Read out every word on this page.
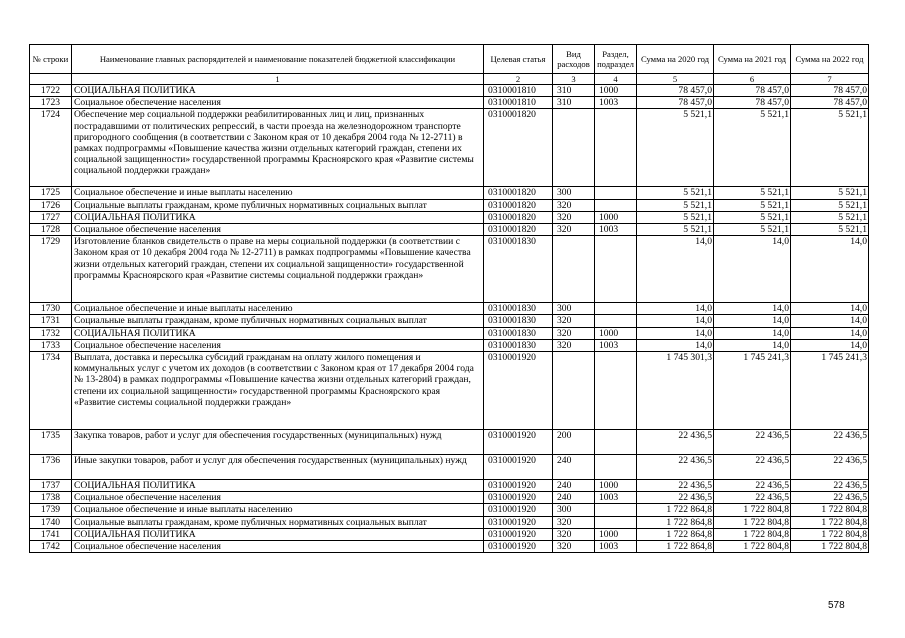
№ строки	Наименование главных распорядителей и наименование показателей бюджетной классификации	Целевая статья	Вид расходов	Раздел, подраздел	Сумма на 2020 год	Сумма на 2021 год	Сумма на 2022 год
	1	2	3	4	5	6	7
1722	СОЦИАЛЬНАЯ ПОЛИТИКА	0310001810	310	1000	78 457,0	78 457,0	78 457,0
1723	Социальное обеспечение населения	0310001810	310	1003	78 457,0	78 457,0	78 457,0
1724	Обеспечение мер социальной поддержки реабилитированных лиц и лиц, признанных пострадавшими от политических репрессий, в части проезда на железнодорожном транспорте пригородного сообщения (в соответствии с Законом края от 10 декабря 2004 года № 12-2711) в рамках подпрограммы «Повышение качества жизни отдельных категорий граждан, степени их социальной защищенности» государственной программы Красноярского края «Развитие системы социальной поддержки граждан»	0310001820			5 521,1	5 521,1	5 521,1
1725	Социальное обеспечение и иные выплаты населению	0310001820	300		5 521,1	5 521,1	5 521,1
1726	Социальные выплаты гражданам, кроме публичных нормативных социальных выплат	0310001820	320		5 521,1	5 521,1	5 521,1
1727	СОЦИАЛЬНАЯ ПОЛИТИКА	0310001820	320	1000	5 521,1	5 521,1	5 521,1
1728	Социальное обеспечение населения	0310001820	320	1003	5 521,1	5 521,1	5 521,1
1729	Изготовление бланков свидетельств о праве на меры социальной поддержки (в соответствии с Законом края от 10 декабря 2004 года № 12-2711) в рамках подпрограммы «Повышение качества жизни отдельных категорий граждан, степени их социальной защищенности» государственной программы Красноярского края «Развитие системы социальной поддержки граждан»	0310001830			14,0	14,0	14,0
1730	Социальное обеспечение и иные выплаты населению	0310001830	300		14,0	14,0	14,0
1731	Социальные выплаты гражданам, кроме публичных нормативных социальных выплат	0310001830	320		14,0	14,0	14,0
1732	СОЦИАЛЬНАЯ ПОЛИТИКА	0310001830	320	1000	14,0	14,0	14,0
1733	Социальное обеспечение населения	0310001830	320	1003	14,0	14,0	14,0
1734	Выплата, доставка и пересылка субсидий гражданам на оплату жилого помещения и коммунальных услуг с учетом их доходов (в соответствии с Законом края от 17 декабря 2004 года № 13-2804) в рамках подпрограммы «Повышение качества жизни отдельных категорий граждан, степени их социальной защищенности» государственной программы Красноярского края «Развитие системы социальной поддержки граждан»	0310001920			1 745 301,3	1 745 241,3	1 745 241,3
1735	Закупка товаров, работ и услуг для обеспечения государственных (муниципальных) нужд	0310001920	200		22 436,5	22 436,5	22 436,5
1736	Иные закупки товаров, работ и услуг для обеспечения государственных (муниципальных) нужд	0310001920	240		22 436,5	22 436,5	22 436,5
1737	СОЦИАЛЬНАЯ ПОЛИТИКА	0310001920	240	1000	22 436,5	22 436,5	22 436,5
1738	Социальное обеспечение населения	0310001920	240	1003	22 436,5	22 436,5	22 436,5
1739	Социальное обеспечение и иные выплаты населению	0310001920	300		1 722 864,8	1 722 804,8	1 722 804,8
1740	Социальные выплаты гражданам, кроме публичных нормативных социальных выплат	0310001920	320		1 722 864,8	1 722 804,8	1 722 804,8
1741	СОЦИАЛЬНАЯ ПОЛИТИКА	0310001920	320	1000	1 722 864,8	1 722 804,8	1 722 804,8
1742	Социальное обеспечение населения	0310001920	320	1003	1 722 864,8	1 722 804,8	1 722 804,8
578
